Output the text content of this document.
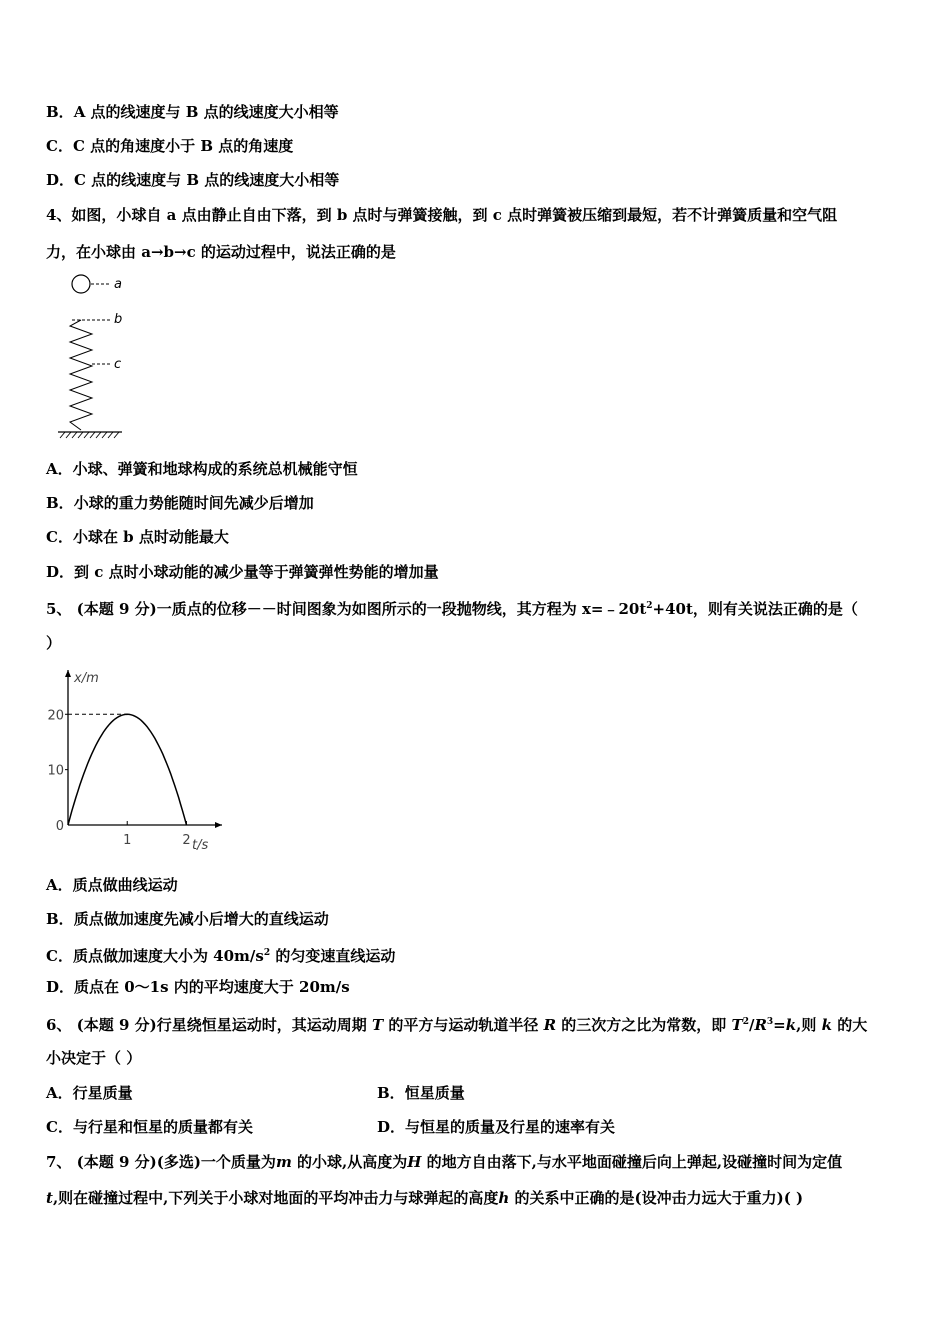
B．A 点的线速度与 B 点的线速度大小相等
C．C 点的角速度小于 B 点的角速度
D．C 点的线速度与 B 点的线速度大小相等
4、如图，小球自 a 点由静止自由下落，到 b 点时与弹簧接触，到 c 点时弹簧被压缩到最短，若不计弹簧质量和空气阻
力，在小球由 a→b→c 的运动过程中，说法正确的是
a
b
c
A．小球、弹簧和地球构成的系统总机械能守恒
B．小球的重力势能随时间先减少后增加
C．小球在 b 点时动能最大
D．到 c 点时小球动能的减少量等于弹簧弹性势能的增加量
5、 (本题 9 分)一质点的位移－－时间图象为如图所示的一段抛物线，其方程为 $x=﹣20t^2+40t$，则有关说法正确的是（
）
x/m
t/s
0
10
20
1	2
A．质点做曲线运动
B．质点做加速度先减小后增大的直线运动
C．质点做加速度大小为 $40m/s^2$ 的匀变速直线运动
D．质点在 0～1s 内的平均速度大于 20m/s
6、 (本题 9 分)行星绕恒星运动时，其运动周期 T 的平方与运动轨道半径 R 的三次方之比为常数，即 $T^2/R^3=k$,则 k 的大
小决定于（ ）
A．行星质量	B．恒星质量
C．与行星和恒星的质量都有关	D．与恒星的质量及行星的速率有关
7、 (本题 9 分)(多选)一个质量为m 的小球,从高度为H 的地方自由落下,与水平地面碰撞后向上弹起,设碰撞时间为定值
t,则在碰撞过程中,下列关于小球对地面的平均冲击力与球弹起的高度h 的关系中正确的是(设冲击力远大于重力)( )
